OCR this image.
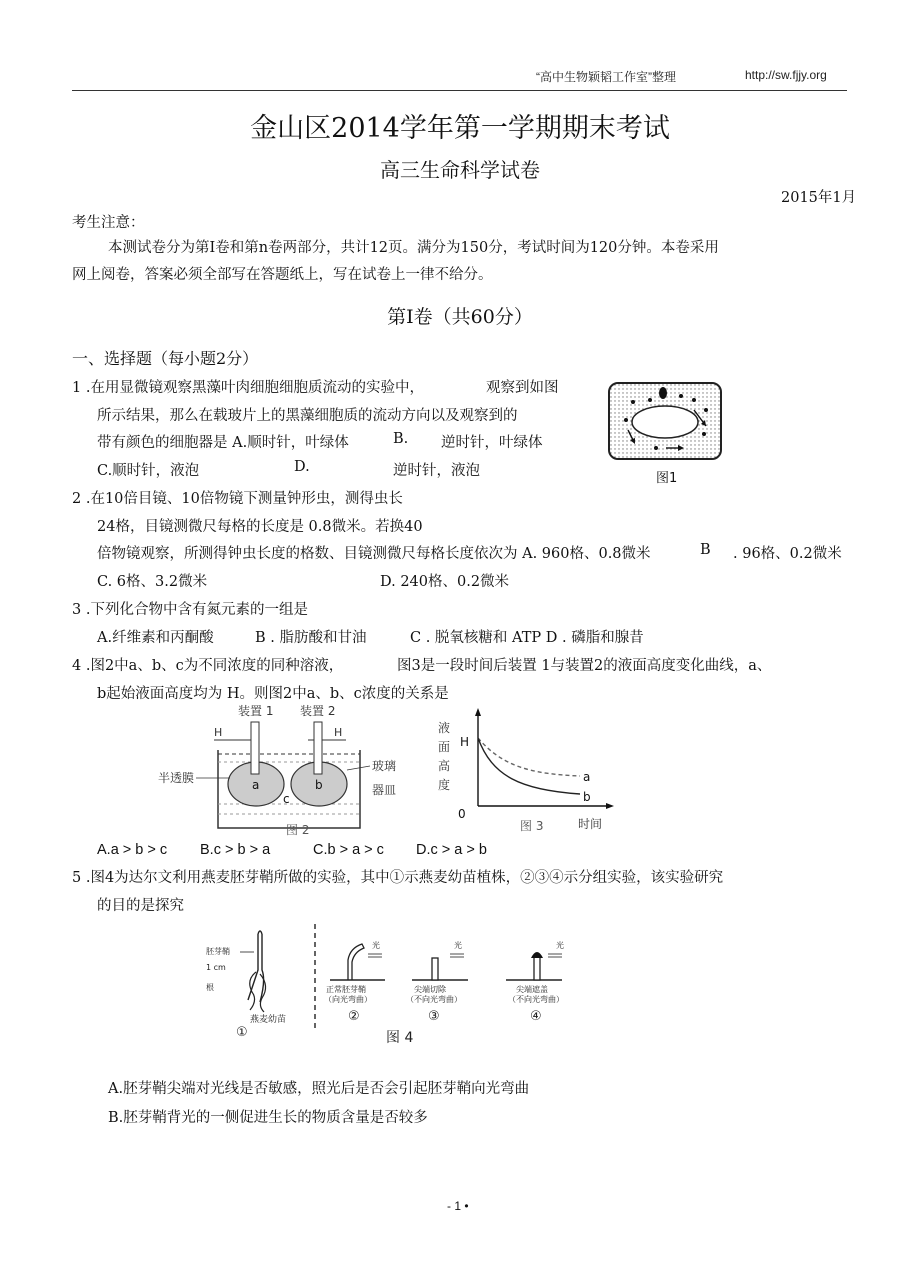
“高中生物颖韬工作室”整理	http://sw.fjjy.org
金山区2014学年第一学期期末考试
高三生命科学试卷
2015年1月
考生注意：
本测试卷分为第I卷和第n卷两部分，共计12页。满分为150分，考试时间为120分钟。本卷采用
网上阅卷，答案必须全部写在答题纸上，写在试卷上一律不给分。
第I卷（共60分）
一、选择题（每小题2分）
1 .在用显微镜观察黑藻叶肉细胞细胞质流动的实验中，	观察到如图
所示结果，那么在载玻片上的黑藻细胞质的流动方向以及观察到的
带有颜色的细胞器是 A.顺时针，叶绿体	B. 逆时针，叶绿体
C.顺时针，液泡	D.	逆时针，液泡	图1
2 .在10倍目镜、10倍物镜下测量钟形虫，测得虫长
24格，目镜测微尺每格的长度是 0.8微米。若换40
倍物镜观察，所测得钟虫长度的格数、目镜测微尺每格长度依次为 A. 960格、0.8微米	B . 96格、0.2微米
C. 6格、3.2微米	D. 240格、0.2微米
3 .下列化合物中含有氮元素的一组是
A.纤维素和丙酮酸	B . 脂肪酸和甘油	C . 脱氧核糖和 ATP D . 磷脂和腺昔
4 .图2中a、b、c为不同浓度的同种溶液，	图3是一段时间后装置 1与装置2的液面高度变化曲线，a、
b起始液面高度均为 H。则图2中a、b、c浓度的关系是
装置 1 装置 2
H	H
a	b
c
半透膜
玻璃
器皿
图 2
液
面
高
度
H
0
a
b
图 3	时间
A.a > b > c B.c > b > a	C.b > a > c D.c > a > b
5 .图4为达尔文利用燕麦胚芽鞘所做的实验，其中①示燕麦幼苗植株，②③④示分组实验，该实验研究
的目的是探究
胚芽鞘
1 cm
根
燕麦幼苗
①
光
正常胚芽鞘
（向光弯曲）
②
光
尖端切除
（不向光弯曲）
③
光
尖端遮盖
（不向光弯曲）
④
图 4
A.胚芽鞘尖端对光线是否敏感，照光后是否会引起胚芽鞘向光弯曲
B.胚芽鞘背光的一侧促进生长的物质含量是否较多
- 1 •
